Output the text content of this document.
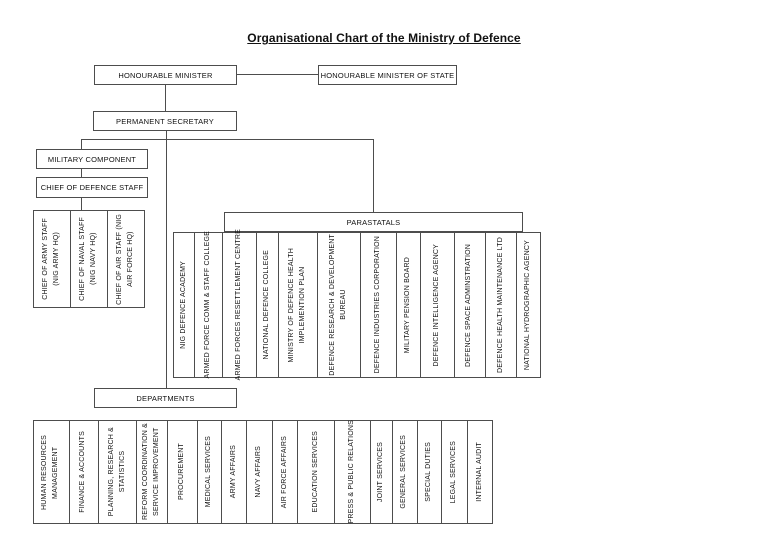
Organisational Chart of the Ministry of Defence
HONOURABLE MINISTER	HONOURABLE MINISTER OF STATE
PERMANENT SECRETARY
MILITARY COMPONENT
CHIEF OF DEFENCE STAFF
PARASTATALS
DEPARTMENTS
CHIEF OF ARMY STAFF (NIG ARMY HQ)	CHIEF OF NAVAL STAFF (NIG NAVY HQ)	CHIEF OF AIR STAFF (NIG AIR FORCE HQ)
NIG DEFENCE ACADEMY	ARMED FORCE COMM & STAFF COLLEGE	ARMED FORCES RESETTLEMENT CENTRE	NATIONAL DEFENCE COLLEGE	MINISTRY OF DEFENCE HEALTH IMPLEMENTION PLAN	DEFENCE RESEARCH & DEVELOPMENT BUREAU	DEFENCE INDUSTRIES CORPORATION	MILITARY PENSION BOARD	DEFENCE INTELLIGENCE AGENCY	DEFENCE SPACE ADMINSTRATION	DEFENCE HEALTH MAINTENANCE LTD	NATIONAL HYDROGRAPHIC AGENCY
HUMAN RESOURCES MANAGEMENT	FINANCE & ACCOUNTS	PLANNING, RESEARCH & STATISTICS	REFORM COORDINATION & SERVICE IMPROVEMENT	PROCUREMENT	MEDICAL SERVICES	ARMY AFFAIRS	NAVY AFFAIRS	AIR FORCE AFFAIRS	EDUCATION SERVICES	PRESS & PUBLIC RELATIONS	JOINT SERVICES	GENERAL SERVICES	SPECIAL DUTIES	LEGAL SERVICES	INTERNAL AUDIT
